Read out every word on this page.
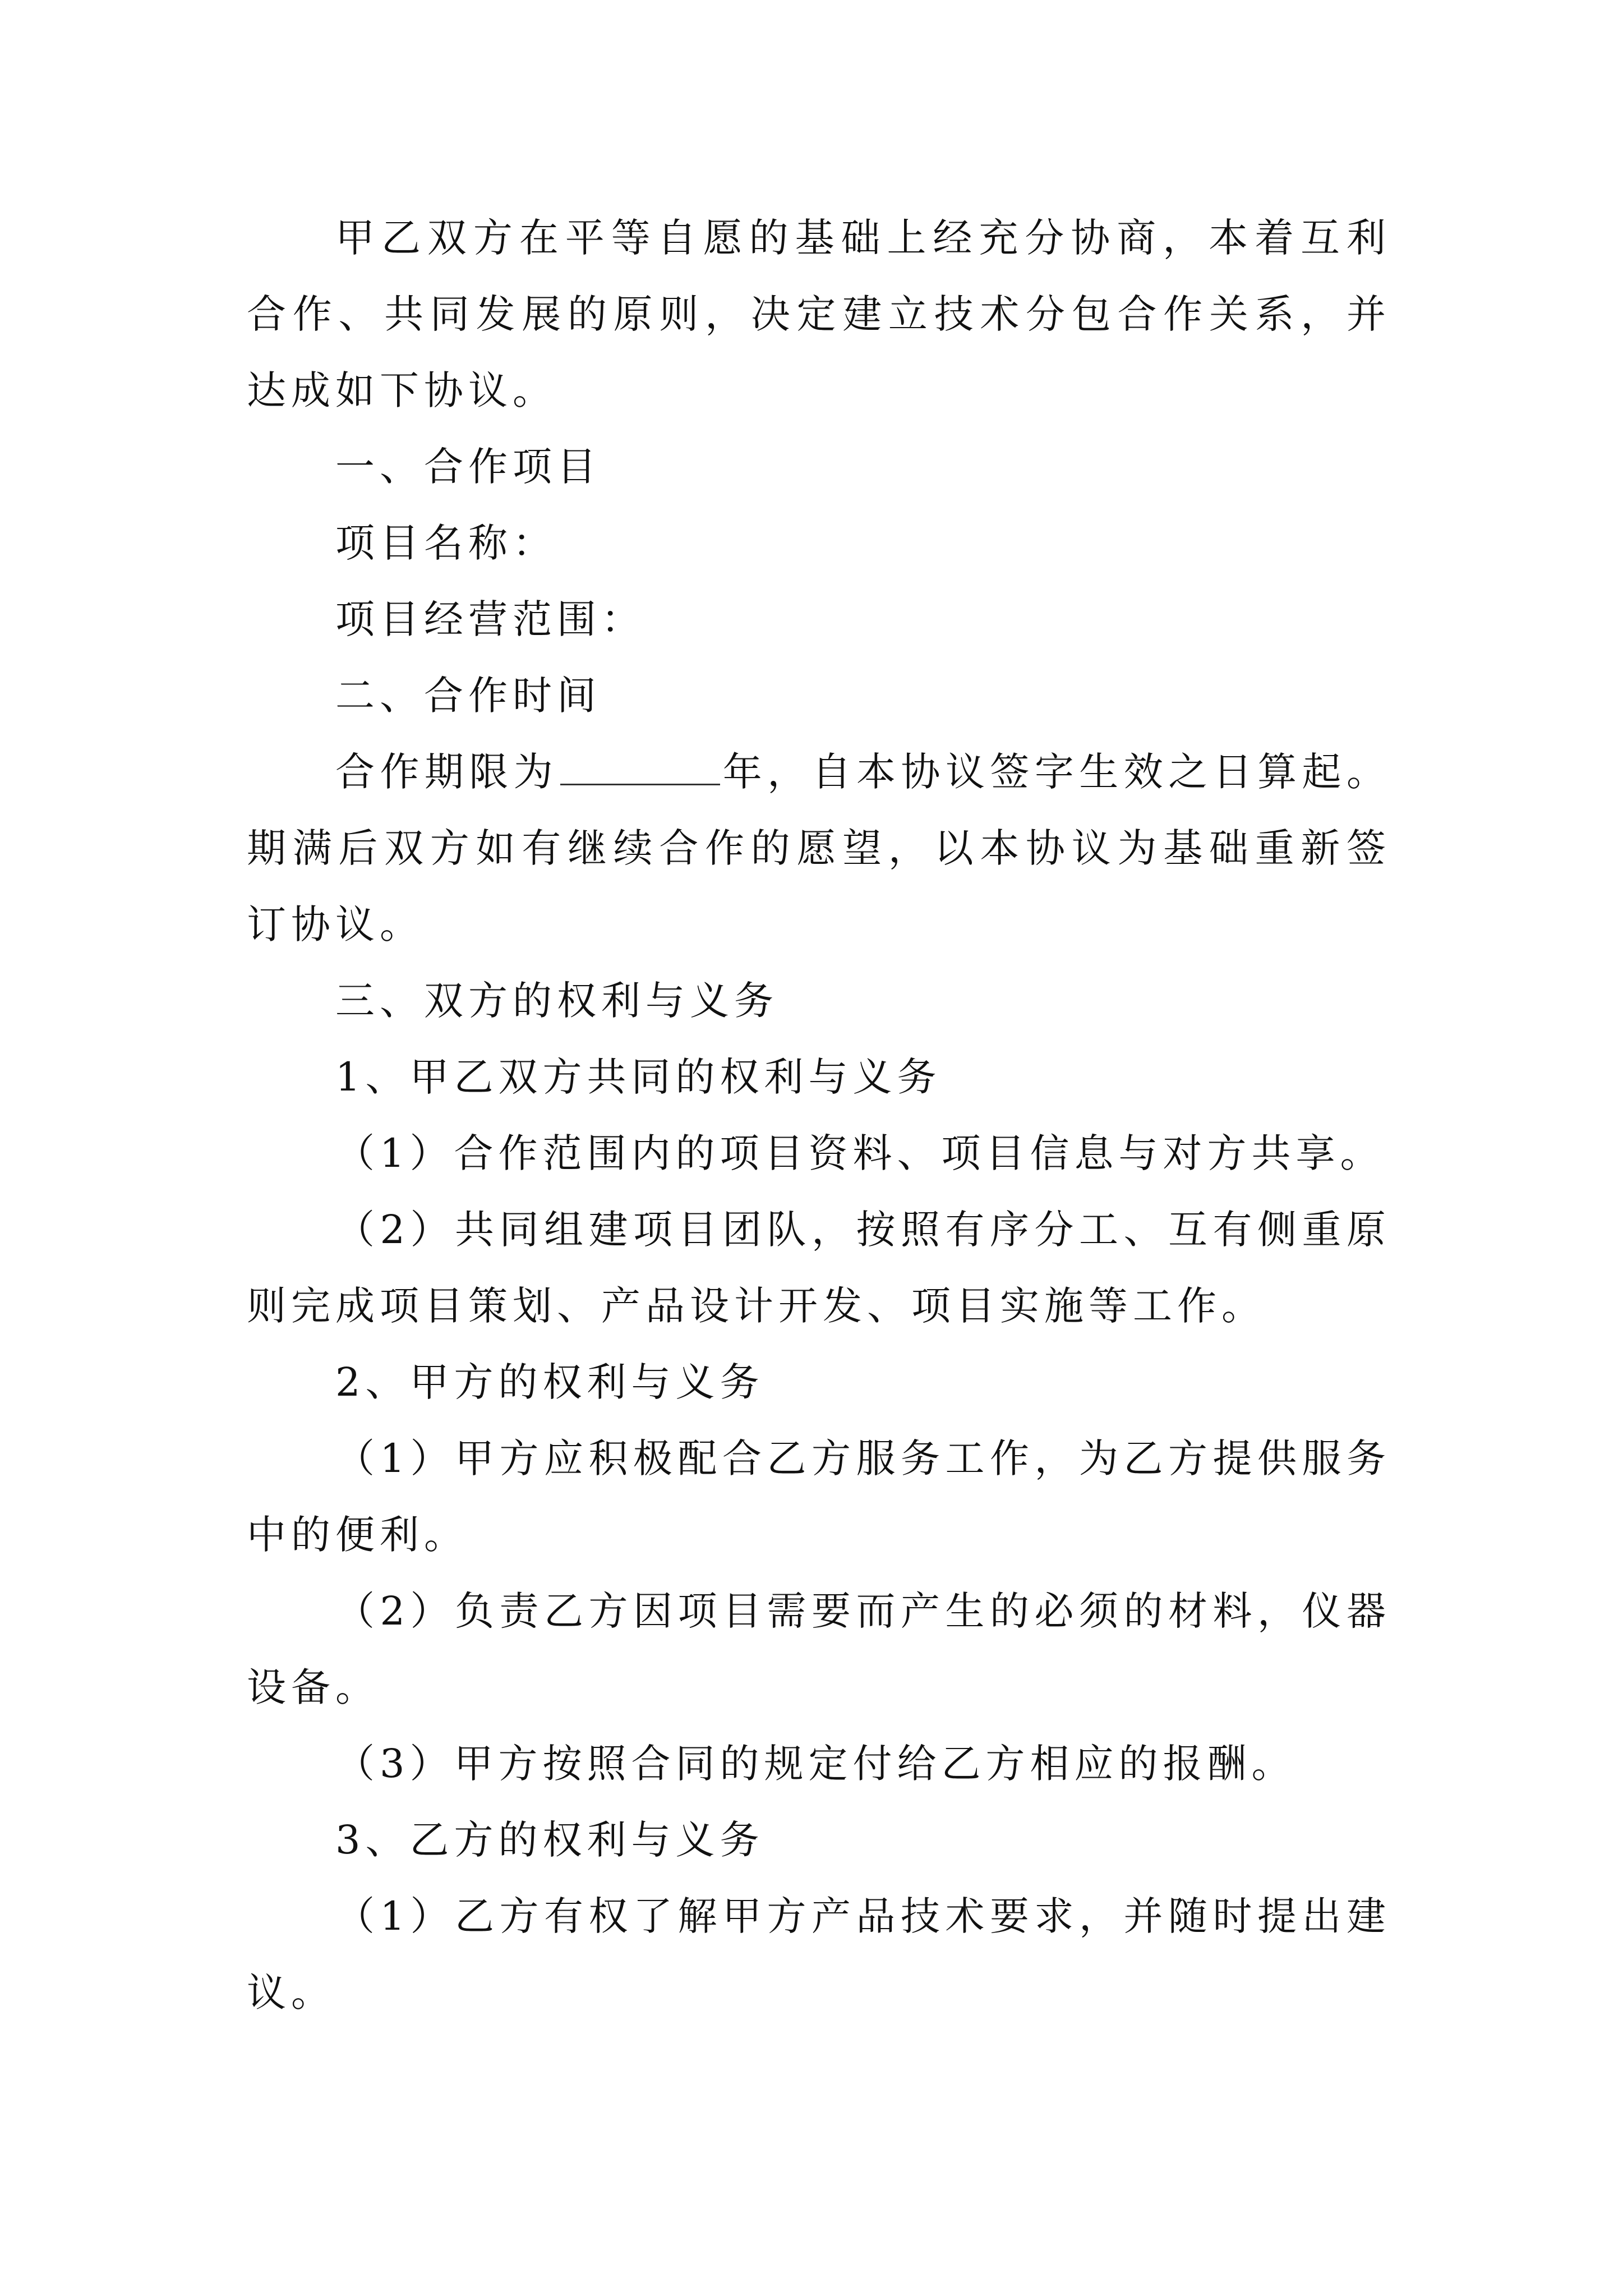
甲乙双方在平等自愿的基础上经充分协商，本着互利合作、共同发展的原则，决定建立技术分包合作关系，并达成如下协议。

一、合作项目

项目名称：

项目经营范围：

二、合作时间

合作期限为	年，自本协议签字生效之日算起。期满后双方如有继续合作的愿望，以本协议为基础重新签订协议。

三、双方的权利与义务

1、甲乙双方共同的权利与义务

（1）合作范围内的项目资料、项目信息与对方共享。

（2）共同组建项目团队，按照有序分工、互有侧重原则完成项目策划、产品设计开发、项目实施等工作。

2、甲方的权利与义务

（1）甲方应积极配合乙方服务工作，为乙方提供服务中的便利。

（2）负责乙方因项目需要而产生的必须的材料，仪器设备。

（3）甲方按照合同的规定付给乙方相应的报酬。

3、乙方的权利与义务

（1）乙方有权了解甲方产品技术要求，并随时提出建议。
